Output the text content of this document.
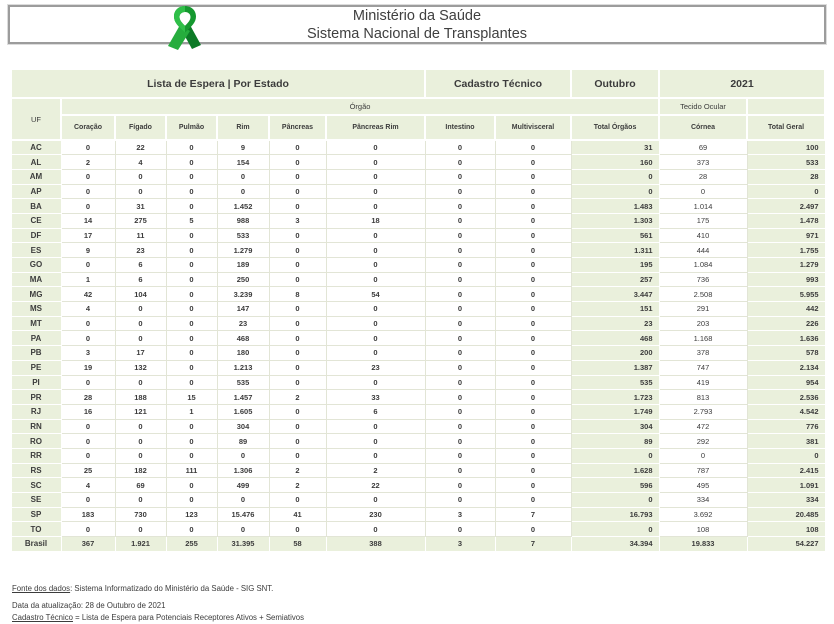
Ministério da Saúde
Sistema Nacional de Transplantes
Lista de Espera | Por Estado							Cadastro Técnico		Outubro	2021	
UF	Órgão									Tecido Ocular	
	Coração	Fígado	Pulmão	Rim	Pâncreas	Pâncreas Rim	Intestino	Multivisceral	Total Órgãos	Córnea	Total Geral
AC	0	22	0	9	0	0	0	0	31	69	100
AL	2	4	0	154	0	0	0	0	160	373	533
AM	0	0	0	0	0	0	0	0	0	28	28
AP	0	0	0	0	0	0	0	0	0	0	0
BA	0	31	0	1.452	0	0	0	0	1.483	1.014	2.497
CE	14	275	5	988	3	18	0	0	1.303	175	1.478
DF	17	11	0	533	0	0	0	0	561	410	971
ES	9	23	0	1.279	0	0	0	0	1.311	444	1.755
GO	0	6	0	189	0	0	0	0	195	1.084	1.279
MA	1	6	0	250	0	0	0	0	257	736	993
MG	42	104	0	3.239	8	54	0	0	3.447	2.508	5.955
MS	4	0	0	147	0	0	0	0	151	291	442
MT	0	0	0	23	0	0	0	0	23	203	226
PA	0	0	0	468	0	0	0	0	468	1.168	1.636
PB	3	17	0	180	0	0	0	0	200	378	578
PE	19	132	0	1.213	0	23	0	0	1.387	747	2.134
PI	0	0	0	535	0	0	0	0	535	419	954
PR	28	188	15	1.457	2	33	0	0	1.723	813	2.536
RJ	16	121	1	1.605	0	6	0	0	1.749	2.793	4.542
RN	0	0	0	304	0	0	0	0	304	472	776
RO	0	0	0	89	0	0	0	0	89	292	381
RR	0	0	0	0	0	0	0	0	0	0	0
RS	25	182	111	1.306	2	2	0	0	1.628	787	2.415
SC	4	69	0	499	2	22	0	0	596	495	1.091
SE	0	0	0	0	0	0	0	0	0	334	334
SP	183	730	123	15.476	41	230	3	7	16.793	3.692	20.485
TO	0	0	0	0	0	0	0	0	0	108	108
Brasil	367	1.921	255	31.395	58	388	3	7	34.394	19.833	54.227
Fonte dos dados: Sistema Informatizado do Ministério da Saúde - SIG SNT.
Data da atualização: 28 de Outubro de 2021
Cadastro Técnico = Lista de Espera para Potenciais Receptores Ativos + Semiativos
